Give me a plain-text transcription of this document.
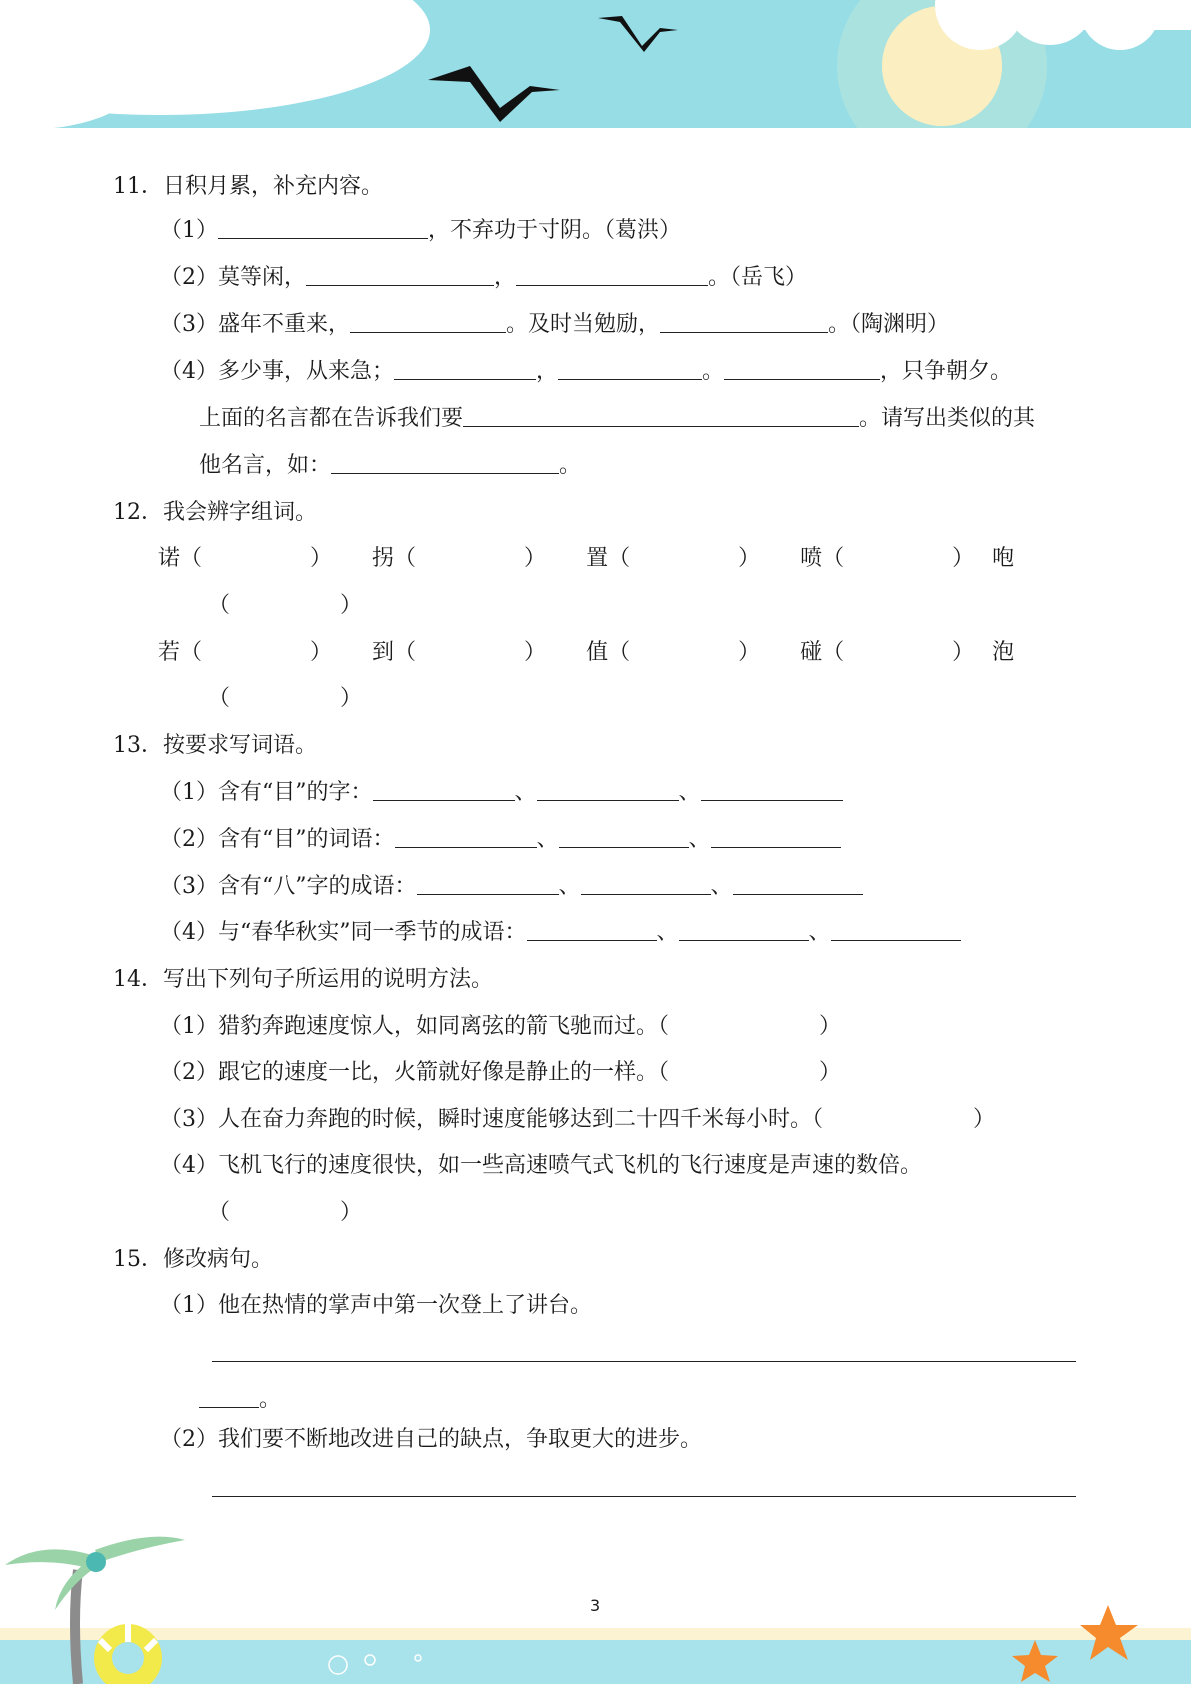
11．日积月累，补充内容。
（1）	，不弃功于寸阴。（葛洪）
（2）莫等闲，	，	。（岳飞）
（3）盛年不重来，	。及时当勉励，	。（陶渊明）
（4）多少事，从来急；	，	。	，只争朝夕。
上面的名言都在告诉我们要	。请写出类似的其
他名言，如：	。
12．我会辨字组词。
诺（	） 拐（	） 置（	） 喷（	） 咆
（	）
若（	） 到（	） 值（	） 碰（	） 泡
（	）
13．按要求写词语。
（1）含有“目”的字：	、	、
（2）含有“目”的词语：	、	、
（3）含有“八”字的成语：	、	、
（4）与“春华秋实”同一季节的成语：	、	、
14．写出下列句子所运用的说明方法。
（1）猎豹奔跑速度惊人，如同离弦的箭飞驰而过。（	）
（2）跟它的速度一比，火箭就好像是静止的一样。（	）
（3）人在奋力奔跑的时候，瞬时速度能够达到二十四千米每小时。（	）
（4）飞机飞行的速度很快，如一些高速喷气式飞机的飞行速度是声速的数倍。
（	）
15．修改病句。
（1）他在热情的掌声中第一次登上了讲台。
。
（2）我们要不断地改进自己的缺点，争取更大的进步。
3
